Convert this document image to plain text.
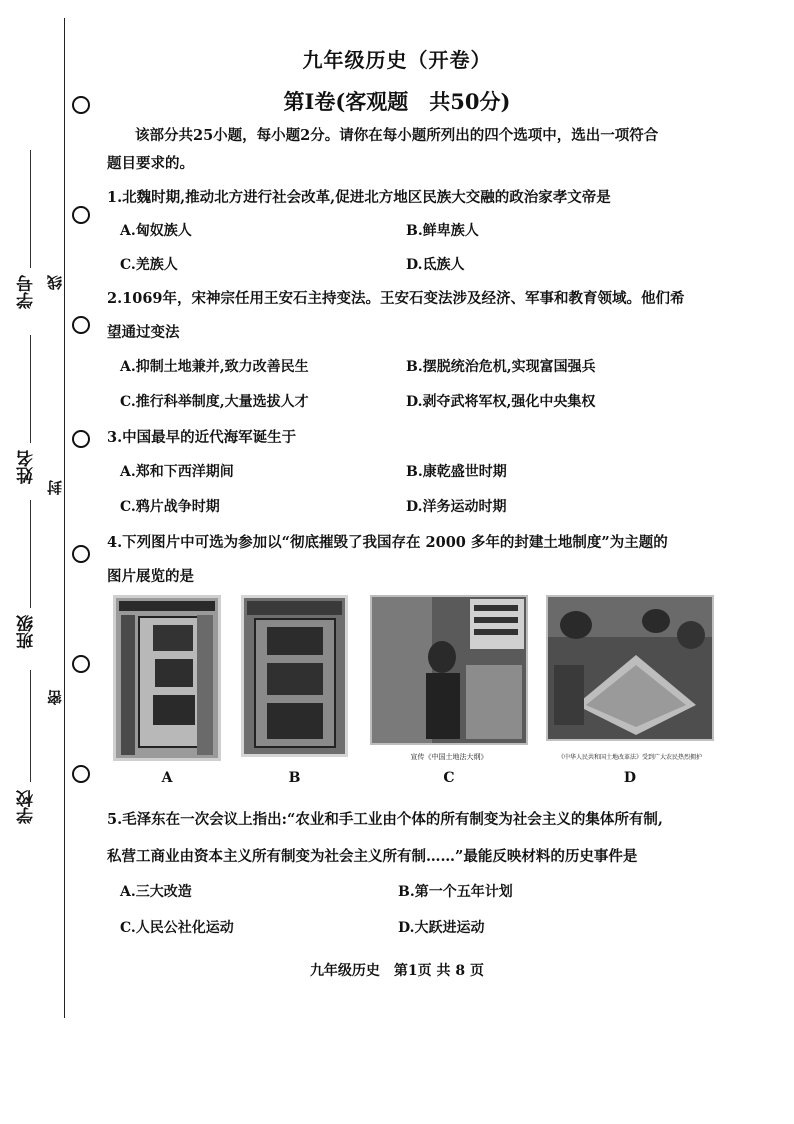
学号
姓名
班级
学校
线
封
密
九年级历史（开卷）
第Ⅰ卷(客观题　共50分)
该部分共25小题，每小题2分。请你在每小题所列出的四个选项中，选出一项符合
题目要求的。
1.北魏时期,推动北方进行社会改革,促进北方地区民族大交融的政治家孝文帝是
A.匈奴族人	B.鲜卑族人
C.羌族人	D.氐族人
2.1069年，宋神宗任用王安石主持变法。王安石变法涉及经济、军事和教育领域。他们希
望通过变法
A.抑制土地兼并,致力改善民生	B.摆脱统治危机,实现富国强兵
C.推行科举制度,大量选拔人才	D.剥夺武将军权,强化中央集权
3.中国最早的近代海军诞生于
A.郑和下西洋期间	B.康乾盛世时期
C.鸦片战争时期	D.洋务运动时期
4.下列图片中可选为参加以“彻底摧毁了我国存在 2000 多年的封建土地制度”为主题的
图片展览的是
宣传《中国土地法大纲》	《中华人民共和国土地改革法》受到广大农民热烈拥护
A	B	C	D
5.毛泽东在一次会议上指出:“农业和手工业由个体的所有制变为社会主义的集体所有制,
私营工商业由资本主义所有制变为社会主义所有制……”最能反映材料的历史事件是
A.三大改造	B.第一个五年计划
C.人民公社化运动	D.大跃进运动
九年级历史　第1页 共 8 页
